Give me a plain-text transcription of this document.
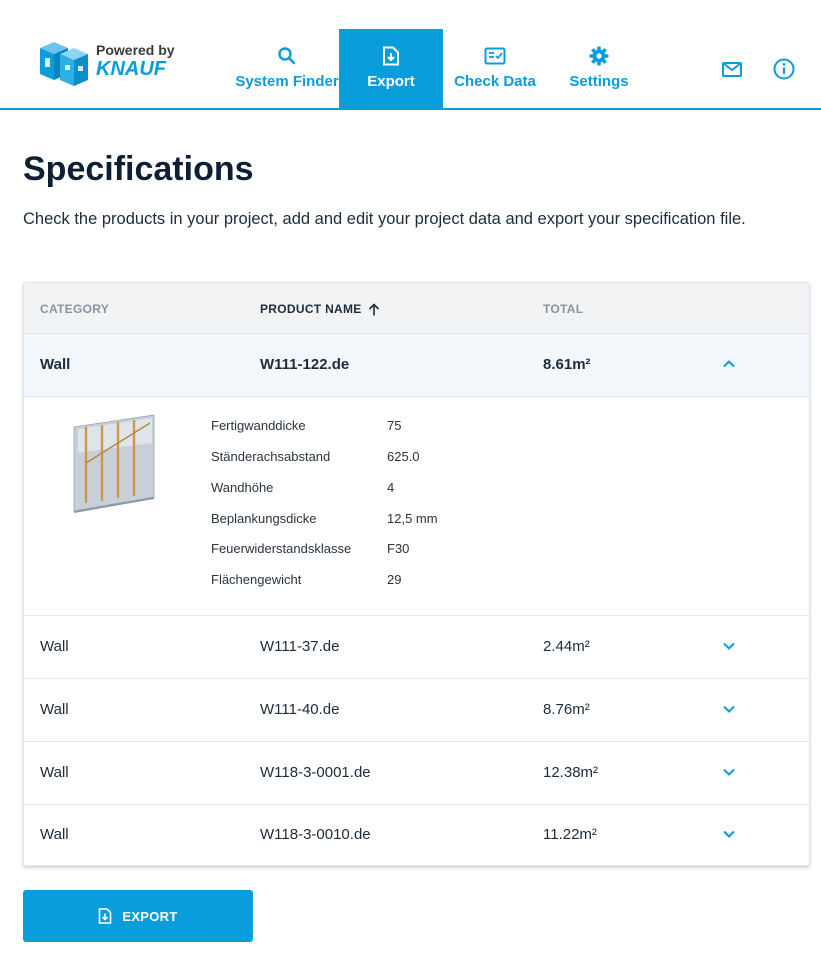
Powered by
KNAUF
System Finder Export	Check Data Settings
Specifications

Check the products in your project, add and edit your project data and export your specification file.

CATEGORY	PRODUCT NAME	TOTAL
Wall	W111-122.de	8.61m²
Fertigwanddicke	75
Ständerachsabstand	625.0
Wandhöhe	4
Beplankungsdicke	12,5 mm
Feuerwiderstandsklasse	F30
Flächengewicht	29
Wall	W111-37.de	2.44m²
Wall	W111-40.de	8.76m²
Wall	W118-3-0001.de	12.38m²
Wall	W118-3-0010.de	11.22m²
EXPORT
